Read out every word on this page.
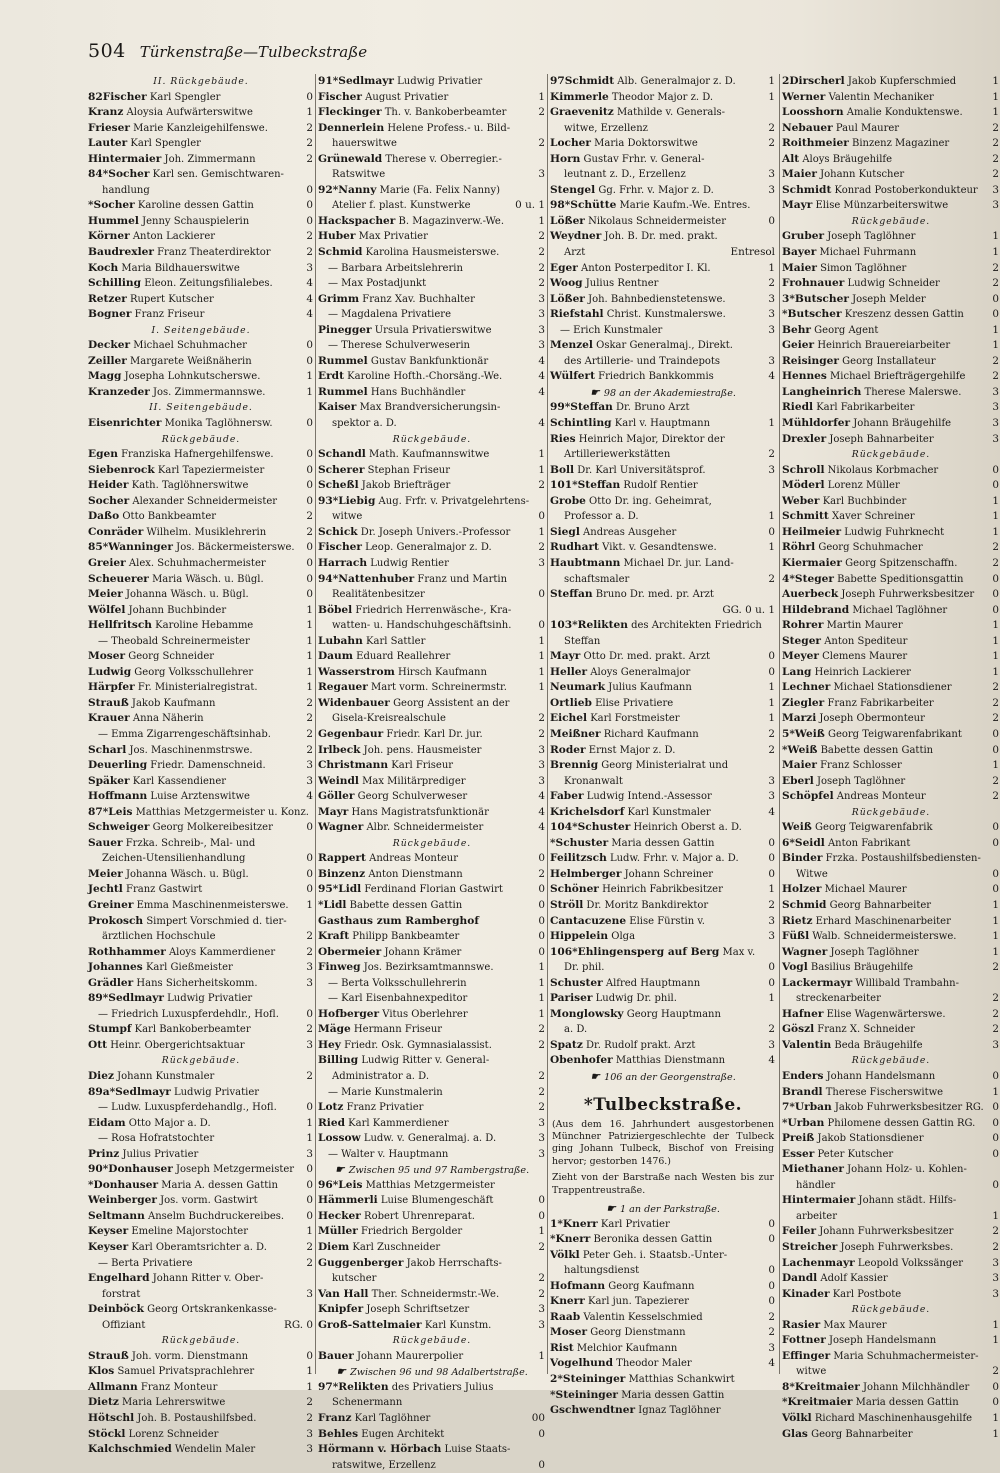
504 Türkenstraße—Tulbeckstraße
II. Rückgebäude.
82Fischer Karl Spengler	0
Kranz Aloysia Aufwärterswitwe	1
Frieser Marie Kanzleigehilfenswe.	2
Lauter Karl Spengler	2
Hintermaier Joh. Zimmermann	2
84*Socher Karl sen. Gemischtwaren-
handlung	0
*Socher Karoline dessen Gattin	0
Hummel Jenny Schauspielerin	0
Körner Anton Lackierer	2
Baudrexler Franz Theaterdirektor	2
Koch Maria Bildhauerswitwe	3
Schilling Eleon. Zeitungsfilialebes.	4
Retzer Rupert Kutscher	4
Bogner Franz Friseur	4
I. Seitengebäude.
Decker Michael Schuhmacher	0
Zeiller Margarete Weißnäherin	0
Magg Josepha Lohnkutscherswe.	1
Kranzeder Jos. Zimmermannswe.	1
II. Seitengebäude.
Eisenrichter Monika Taglöhnersw.	0
Rückgebäude.
Egen Franziska Hafnergehilfenswe.	0
Siebenrock Karl Tapeziermeister	0
Heider Kath. Taglöhnerswitwe	0
Socher Alexander Schneidermeister	0
Daßo Otto Bankbeamter	2
Conräder Wilhelm. Musiklehrerin	2
85*Wanninger Jos. Bäckermeisterswe. 0
Greier Alex. Schuhmachermeister	0
Scheuerer Maria Wäsch. u. Bügl.	0
Meier Johanna Wäsch. u. Bügl.	0
Wölfel Johann Buchbinder	1
Hellfritsch Karoline Hebamme	1
— Theobald Schreinermeister	1
Moser Georg Schneider	1
Ludwig Georg Volksschullehrer	1
Härpfer Fr. Ministerialregistrat.	1
Strauß Jakob Kaufmann	2
Krauer Anna Näherin	2
— Emma Zigarrengeschäftsinhab.	2
Scharl Jos. Maschinenmstrswe.	2
Deuerling Friedr. Damenschneid.	3
Späker Karl Kassendiener	3
Hoffmann Luise Arztenswitwe	4
87*Leis Matthias Metzgermeister u. Konz.
Schweiger Georg Molkereibesitzer	0
Sauer Frzka. Schreib-, Mal- und
Zeichen-Utensilienhandlung	0
Meier Johanna Wäsch. u. Bügl.	0
Jechtl Franz Gastwirt	0
Greiner Emma Maschinenmeisterswe. 1
Prokosch Simpert Vorschmied d. tier-
ärztlichen Hochschule	2
Rothhammer Aloys Kammerdiener	2
Johannes Karl Gießmeister	3
Grädler Hans Sicherheitskomm.	3
89*Sedlmayr Ludwig Privatier
— Friedrich Luxuspferdehdlr., Hofl.	0
Stumpf Karl Bankoberbeamter	2
Ott Heinr. Obergerichtsaktuar	3
Rückgebäude.
Diez Johann Kunstmaler	2
89a*Sedlmayr Ludwig Privatier
— Ludw. Luxuspferdehandlg., Hofl.	0
Eidam Otto Major a. D.	1
— Rosa Hofratstochter	1
Prinz Julius Privatier	3
90*Donhauser Joseph Metzgermeister 0
*Donhauser Maria A. dessen Gattin	0
Weinberger Jos. vorm. Gastwirt	0
Seltmann Anselm Buchdruckereibes. 0
Keyser Emeline Majorstochter	1
Keyser Karl Oberamtsrichter a. D.	2
— Berta Privatiere	2
Engelhard Johann Ritter v. Ober-
forstrat	3
Deinböck Georg Ortskrankenkasse-
Offiziant	RG. 0
Rückgebäude.
Strauß Joh. vorm. Dienstmann	0
Klos Samuel Privatsprachlehrer	1
Allmann Franz Monteur	1
Dietz Maria Lehrerswitwe	2
Hötschl Joh. B. Postaushilfsbed.	2
Stöckl Lorenz Schneider	3
Kalchschmied Wendelin Maler	3
91*Sedlmayr Ludwig Privatier
Fischer August Privatier	1
Fleckinger Th. v. Bankoberbeamter	2
Dennerlein Helene Profess.- u. Bild-
hauerswitwe	2
Grünewald Therese v. Oberregier.-
Ratswitwe	3
92*Nanny Marie (Fa. Felix Nanny)
Atelier f. plast. Kunstwerke	0 u. 1
Hackspacher B. Magazinverw.-We.	1
Huber Max Privatier	2
Schmid Karolina Hausmeisterswe.	2
— Barbara Arbeitslehrerin	2
— Max Postadjunkt	2
Grimm Franz Xav. Buchhalter	3
— Magdalena Privatiere	3
Pinegger Ursula Privatierswitwe	3
— Therese Schulverweserin	3
Rummel Gustav Bankfunktionär	4
Erdt Karoline Hofth.-Chorsäng.-We.	4
Rummel Hans Buchhändler	4
Kaiser Max Brandversicherungsin-
spektor a. D.	4
Rückgebäude.
Schandl Math. Kaufmannswitwe	1
Scherer Stephan Friseur	1
Scheßl Jakob Briefträger	2
93*Liebig Aug. Frfr. v. Privatgelehrtens-
witwe	0
Schick Dr. Joseph Univers.-Professor	1
Fischer Leop. Generalmajor z. D.	2
Harrach Ludwig Rentier	3
94*Nattenhuber Franz und Martin
Realitätenbesitzer	0
Böbel Friedrich Herrenwäsche-, Kra-
watten- u. Handschuhgeschäftsinh.	0
Lubahn Karl Sattler	1
Daum Eduard Reallehrer	1
Wasserstrom Hirsch Kaufmann	1
Regauer Mart vorm. Schreinermstr.	1
Widenbauer Georg Assistent an der
Gisela-Kreisrealschule	2
Gegenbaur Friedr. Karl Dr. jur.	2
Irlbeck Joh. pens. Hausmeister	3
Christmann Karl Friseur	3
Weindl Max Militärprediger	3
Göller Georg Schulverweser	4
Mayr Hans Magistratsfunktionär	4
Wagner Albr. Schneidermeister	4
Rückgebäude.
Rappert Andreas Monteur	0
Binzenz Anton Dienstmann	2
95*Lidl Ferdinand Florian Gastwirt	0
*Lidl Babette dessen Gattin	0
Gasthaus zum Ramberghof	0
Kraft Philipp Bankbeamter	0
Obermeier Johann Krämer	0
Finweg Jos. Bezirksamtmannswe.	1
— Berta Volksschullehrerin	1
— Karl Eisenbahnexpeditor	1
Hofberger Vitus Oberlehrer	1
Mäge Hermann Friseur	2
Hey Friedr. Osk. Gymnasialassist.	2
Billing Ludwig Ritter v. General-
Administrator a. D.	2
— Marie Kunstmalerin	2
Lotz Franz Privatier	2
Ried Karl Kammerdiener	3
Lossow Ludw. v. Generalmaj. a. D.	3
— Walter v. Hauptmann	3
☛ Zwischen 95 und 97 Rambergstraße.
96*Leis Matthias Metzgermeister
Hämmerli Luise Blumengeschäft	0
Hecker Robert Uhrenreparat.	0
Müller Friedrich Bergolder	1
Diem Karl Zuschneider	2
Guggenberger Jakob Herrschafts-
kutscher	2
Van Hall Ther. Schneidermstr.-We.	2
Knipfer Joseph Schriftsetzer	3
Groß-Sattelmaier Karl Kunstm.	3
Rückgebäude.
Bauer Johann Maurerpolier	1
☛ Zwischen 96 und 98 Adalbertstraße.
97*Relikten des Privatiers Julius
Schenermann
Franz Karl Taglöhner	00
Behles Eugen Architekt	0
Hörmann v. Hörbach Luise Staats-
ratswitwe, Erzellenz	0
97Schmidt Alb. Generalmajor z. D.	1
Kimmerle Theodor Major z. D.	1
Graevenitz Mathilde v. Generals-
witwe, Erzellenz	2
Locher Maria Doktorswitwe	2
Horn Gustav Frhr. v. General-
leutnant z. D., Erzellenz	3
Stengel Gg. Frhr. v. Major z. D.	3
98*Schütte Marie Kaufm.-We. Entres.
Lößer Nikolaus Schneidermeister	0
Weydner Joh. B. Dr. med. prakt.
Arzt	Entresol
Eger Anton Posterpeditor I. Kl.	1
Woog Julius Rentner	2
Lößer Joh. Bahnbedienstetenswe.	3
Riefstahl Christ. Kunstmalerswe.	3
— Erich Kunstmaler	3
Menzel Oskar Generalmaj., Direkt.
des Artillerie- und Traindepots	3
Wülfert Friedrich Bankkommis	4
☛ 98 an der Akademiestraße.
99*Steffan Dr. Bruno Arzt
Schintling Karl v. Hauptmann	1
Ries Heinrich Major, Direktor der
Artilleriewerkstätten	2
Boll Dr. Karl Universitätsprof.	3
101*Steffan Rudolf Rentier
Grobe Otto Dr. ing. Geheimrat,
Professor a. D.	1
Siegl Andreas Ausgeher	0
Rudhart Vikt. v. Gesandtenswe.	1
Haubtmann Michael Dr. jur. Land-
schaftsmaler	2
Steffan Bruno Dr. med. pr. Arzt
GG. 0 u. 1
103*Relikten des Architekten Friedrich
Steffan
Mayr Otto Dr. med. prakt. Arzt	0
Heller Aloys Generalmajor	0
Neumark Julius Kaufmann	1
Ortlieb Elise Privatiere	1
Eichel Karl Forstmeister	1
Meißner Richard Kaufmann	2
Roder Ernst Major z. D.	2
Brennig Georg Ministerialrat und
Kronanwalt	3
Faber Ludwig Intend.-Assessor	3
Krichelsdorf Karl Kunstmaler	4
104*Schuster Heinrich Oberst a. D.
*Schuster Maria dessen Gattin	0
Feilitzsch Ludw. Frhr. v. Major a. D.	0
Helmberger Johann Schreiner	0
Schöner Heinrich Fabrikbesitzer	1
Ströll Dr. Moritz Bankdirektor	2
Cantacuzene Elise Fürstin v.	3
Hippelein Olga	3
106*Ehlingensperg auf Berg Max v.
Dr. phil.	0
Schuster Alfred Hauptmann	0
Pariser Ludwig Dr. phil.	1
Monglowsky Georg Hauptmann
a. D.	2
Spatz Dr. Rudolf prakt. Arzt	3
Obenhofer Matthias Dienstmann	4
☛ 106 an der Georgenstraße.
*Tulbeckstraße.
(Aus dem 16. Jahrhundert ausgestorbenen Münchner Patriziergeschlechte der Tulbeck ging Johann Tulbeck, Bischof von Freising hervor; gestorben 1476.)
Zieht von der Barstraße nach Westen bis zur Trappentreustraße.
☛ 1 an der Parkstraße.
1*Knerr Karl Privatier	0
*Knerr Beronika dessen Gattin	0
Völkl Peter Geh. i. Staatsb.-Unter-
haltungsdienst	0
Hofmann Georg Kaufmann	0
Knerr Karl jun. Tapezierer	0
Raab Valentin Kesselschmied	2
Moser Georg Dienstmann	2
Rist Melchior Kaufmann	3
Vogelhund Theodor Maler	4
2*Steininger Matthias Schankwirt
*Steininger Maria dessen Gattin
Gschwendtner Ignaz Taglöhner
2Dirscherl Jakob Kupferschmied	1
Werner Valentin Mechaniker	1
Loosshorn Amalie Konduktenswe.	1
Nebauer Paul Maurer	2
Roithmeier Binzenz Magaziner	2
Alt Aloys Bräugehilfe	2
Maier Johann Kutscher	2
Schmidt Konrad Postoberkondukteur 3
Mayr Elise Münzarbeiterswitwe	3
Rückgebäude.
Gruber Joseph Taglöhner	1
Bayer Michael Fuhrmann	1
Maier Simon Taglöhner	2
Frohnauer Ludwig Schneider	2
3*Butscher Joseph Melder	0
*Butscher Kreszenz dessen Gattin	0
Behr Georg Agent	1
Geier Heinrich Brauereiarbeiter	1
Reisinger Georg Installateur	2
Hennes Michael Briefträgergehilfe	2
Langheinrich Therese Malerswe.	3
Riedl Karl Fabrikarbeiter	3
Mühldorfer Johann Bräugehilfe	3
Drexler Joseph Bahnarbeiter	3
Rückgebäude.
Schroll Nikolaus Korbmacher	0
Möderl Lorenz Müller	0
Weber Karl Buchbinder	1
Schmitt Xaver Schreiner	1
Heilmeier Ludwig Fuhrknecht	1
Röhrl Georg Schuhmacher	2
Kiermaier Georg Spitzenschaffn.	2
4*Steger Babette Speditionsgattin	0
Auerbeck Joseph Fuhrwerksbesitzer 0
Hildebrand Michael Taglöhner	0
Rohrer Martin Maurer	1
Steger Anton Spediteur	1
Meyer Clemens Maurer	1
Lang Heinrich Lackierer	1
Lechner Michael Stationsdiener	2
Ziegler Franz Fabrikarbeiter	2
Marzi Joseph Obermonteur	2
5*Weiß Georg Teigwarenfabrikant	0
*Weiß Babette dessen Gattin	0
Maier Franz Schlosser	1
Eberl Joseph Taglöhner	2
Schöpfel Andreas Monteur	2
Rückgebäude.
Weiß Georg Teigwarenfabrik	0
6*Seidl Anton Fabrikant	0
Binder Frzka. Postaushilfsbediensten-
Witwe	0
Holzer Michael Maurer	0
Schmid Georg Bahnarbeiter	1
Rietz Erhard Maschinenarbeiter	1
Füßl Walb. Schneidermeisterswe.	1
Wagner Joseph Taglöhner	1
Vogl Basilius Bräugehilfe	2
Lackermayr Willibald Trambahn-
streckenarbeiter	2
Hafner Elise Wagenwärterswe.	2
Göszl Franz X. Schneider	2
Valentin Beda Bräugehilfe	3
Rückgebäude.
Enders Johann Handelsmann	0
Brandl Therese Fischerswitwe	1
7*Urban Jakob Fuhrwerksbesitzer RG. 0
*Urban Philomene dessen Gattin RG. 0
Preiß Jakob Stationsdiener	0
Esser Peter Kutscher	0
Miethaner Johann Holz- u. Kohlen-
händler	0
Hintermaier Johann städt. Hilfs-
arbeiter	1
Feiler Johann Fuhrwerksbesitzer	2
Streicher Joseph Fuhrwerksbes.	2
Lachenmayr Leopold Volkssänger	3
Dandl Adolf Kassier	3
Kinader Karl Postbote	3
Rückgebäude.
Rasier Max Maurer	1
Fottner Joseph Handelsmann	1
Effinger Maria Schuhmachermeister-
witwe	2
8*Kreitmaier Johann Milchhändler 0
*Kreitmaier Maria dessen Gattin	0
Völkl Richard Maschinenhausgehilfe 1
Glas Georg Bahnarbeiter	1
